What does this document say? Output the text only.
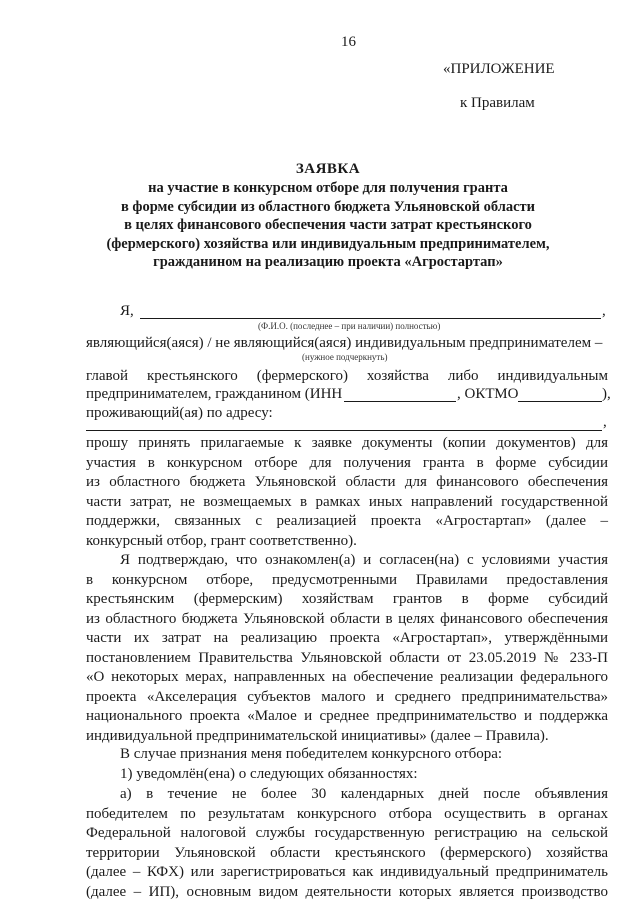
16
«ПРИЛОЖЕНИЕ
к Правилам
ЗАЯВКА
на участие в конкурсном отборе для получения гранта
в форме субсидии из областного бюджета Ульяновской области
в целях финансового обеспечения части затрат крестьянского
(фермерского) хозяйства или индивидуальным предпринимателем,
гражданином на реализацию проекта «Агростартап»
Я,	,
(Ф.И.О. (последнее – при наличии) полностью)
являющийся(аяся) / не являющийся(аяся) индивидуальным предпринимателем –
(нужное подчеркнуть)
главой крестьянского (фермерского) хозяйства либо индивидуальным
предпринимателем, гражданином (ИНН	, ОКТМО	),
проживающий(ая) по адресу:
,
прошу принять прилагаемые к заявке документы (копии документов) для
участия в конкурсном отборе для получения гранта в форме субсидии
из областного бюджета Ульяновской области для финансового обеспечения
части затрат, не возмещаемых в рамках иных направлений государственной
поддержки, связанных с реализацией проекта «Агростартап» (далее –
конкурсный отбор, грант соответственно).
Я подтверждаю, что ознакомлен(а) и согласен(на) с условиями участия
в конкурсном отборе, предусмотренными Правилами предоставления
крестьянским (фермерским) хозяйствам грантов в форме субсидий
из областного бюджета Ульяновской области в целях финансового обеспечения
части их затрат на реализацию проекта «Агростартап», утверждёнными
постановлением Правительства Ульяновской области от 23.05.2019 № 233-П
«О некоторых мерах, направленных на обеспечение реализации федерального
проекта «Акселерация субъектов малого и среднего предпринимательства»
национального проекта «Малое и среднее предпринимательство и поддержка
индивидуальной предпринимательской инициативы» (далее – Правила).
В случае признания меня победителем конкурсного отбора:
1) уведомлён(ена) о следующих обязанностях:
а) в течение не более 30 календарных дней после объявления
победителем по результатам конкурсного отбора осуществить в органах
Федеральной налоговой службы государственную регистрацию на сельской
территории Ульяновской области крестьянского (фермерского) хозяйства
(далее – КФХ) или зарегистрироваться как индивидуальный предприниматель
(далее – ИП), основным видом деятельности которых является производство
